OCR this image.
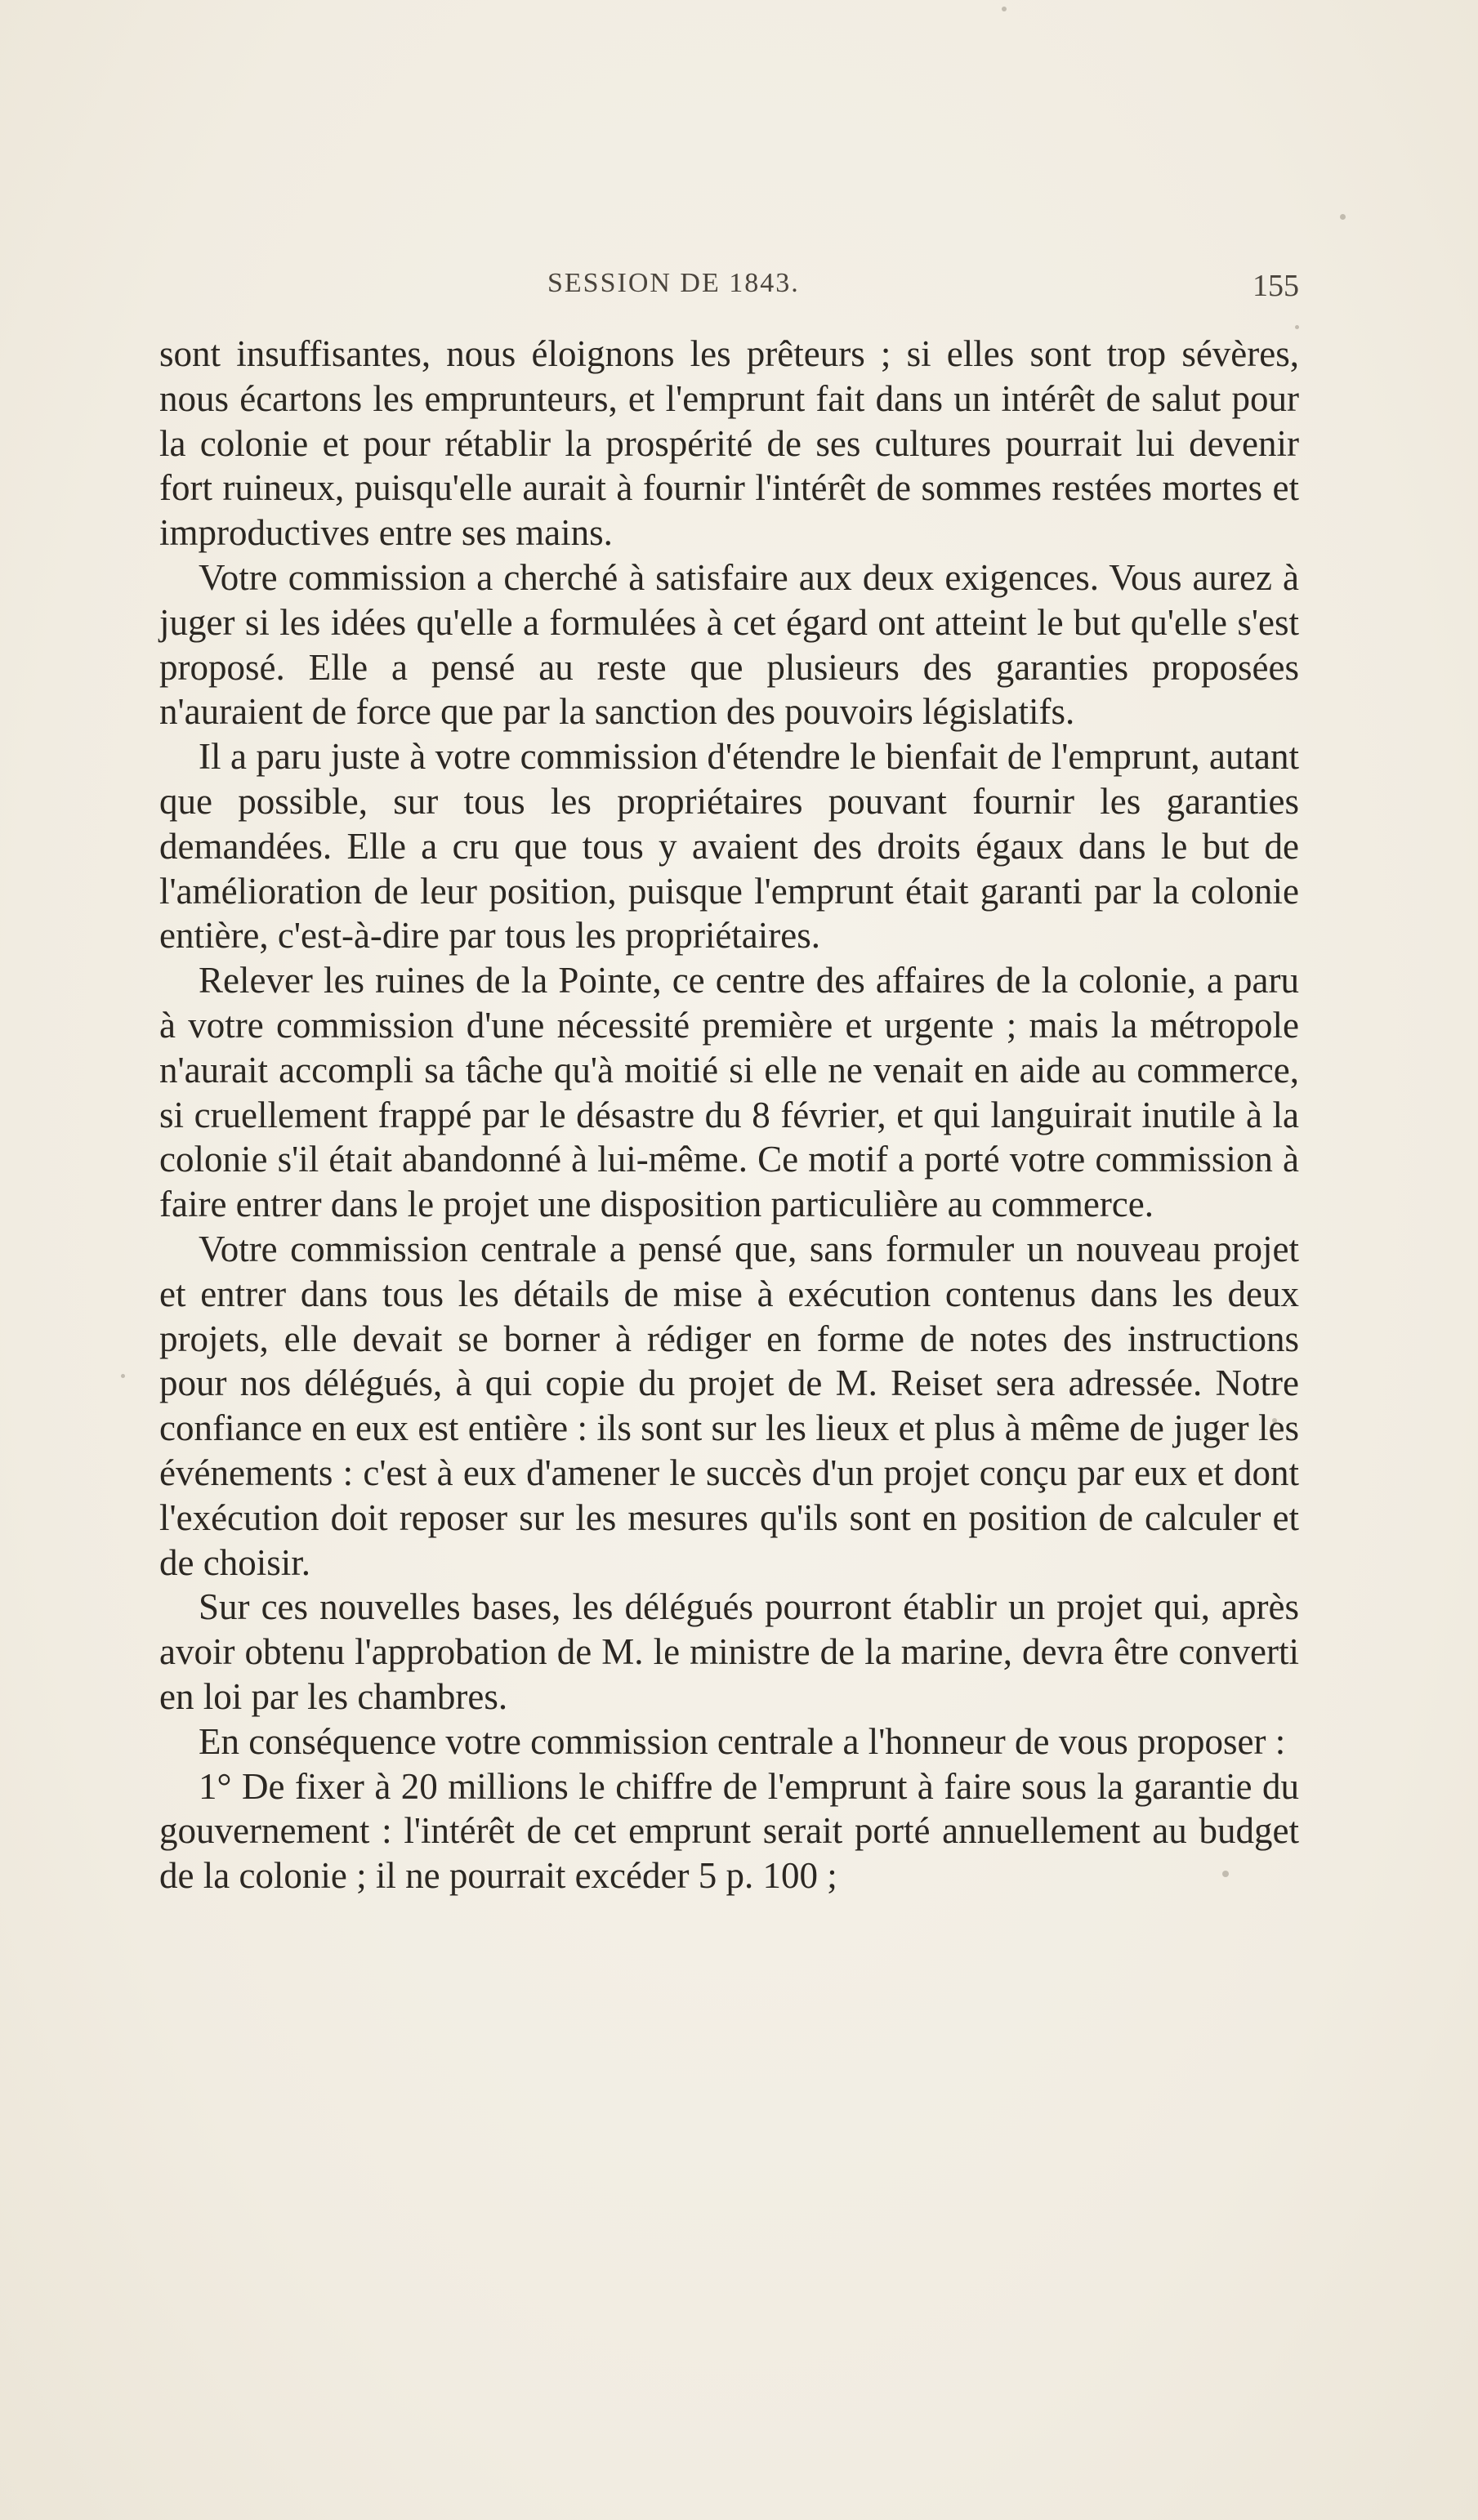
SESSION DE 1843.	155

sont insuffisantes, nous éloignons les prêteurs ; si elles sont trop sévères, nous écartons les emprunteurs, et l'emprunt fait dans un intérêt de salut pour la colonie et pour rétablir la prospérité de ses cultures pourrait lui devenir fort ruineux, puisqu'elle aurait à fournir l'intérêt de sommes restées mortes et improductives entre ses mains.

Votre commission a cherché à satisfaire aux deux exigences. Vous aurez à juger si les idées qu'elle a formulées à cet égard ont atteint le but qu'elle s'est proposé. Elle a pensé au reste que plusieurs des garanties proposées n'auraient de force que par la sanction des pouvoirs législatifs.

Il a paru juste à votre commission d'étendre le bienfait de l'emprunt, autant que possible, sur tous les propriétaires pouvant fournir les garanties demandées. Elle a cru que tous y avaient des droits égaux dans le but de l'amélioration de leur position, puisque l'emprunt était garanti par la colonie entière, c'est-à-dire par tous les propriétaires.

Relever les ruines de la Pointe, ce centre des affaires de la colonie, a paru à votre commission d'une nécessité première et urgente ; mais la métropole n'aurait accompli sa tâche qu'à moitié si elle ne venait en aide au commerce, si cruellement frappé par le désastre du 8 février, et qui languirait inutile à la colonie s'il était abandonné à lui-même. Ce motif a porté votre commission à faire entrer dans le projet une disposition particulière au commerce.

Votre commission centrale a pensé que, sans formuler un nouveau projet et entrer dans tous les détails de mise à exécution contenus dans les deux projets, elle devait se borner à rédiger en forme de notes des instructions pour nos délégués, à qui copie du projet de M. Reiset sera adressée. Notre confiance en eux est entière : ils sont sur les lieux et plus à même de juger les événements : c'est à eux d'amener le succès d'un projet conçu par eux et dont l'exécution doit reposer sur les mesures qu'ils sont en position de calculer et de choisir.

Sur ces nouvelles bases, les délégués pourront établir un projet qui, après avoir obtenu l'approbation de M. le ministre de la marine, devra être converti en loi par les chambres.

En conséquence votre commission centrale a l'honneur de vous proposer :

1° De fixer à 20 millions le chiffre de l'emprunt à faire sous la garantie du gouvernement : l'intérêt de cet emprunt serait porté annuellement au budget de la colonie ; il ne pourrait excéder 5 p. 100 ;
